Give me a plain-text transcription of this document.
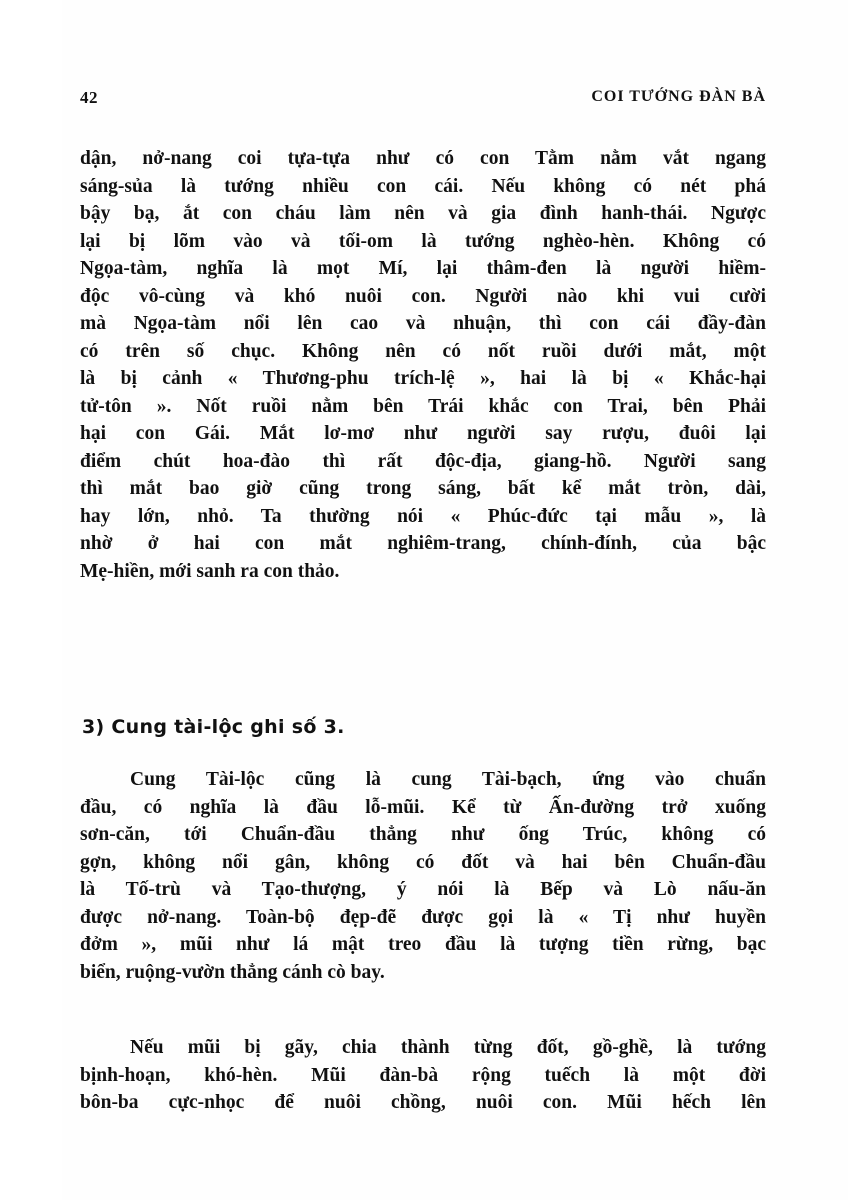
42	COI TƯỚNG ĐÀN BÀ
dận, nở-nang coi tựa-tựa như có con Tằm nằm vắt ngang
sáng-sủa là tướng nhiều con cái. Nếu không có nét phá
bậy bạ, ắt con cháu làm nên và gia đình hanh-thái. Ngược
lại bị lõm vào và tối-om là tướng nghèo-hèn. Không có
Ngọa-tàm, nghĩa là mọt Mí, lại thâm-đen là người hiềm-
độc vô-cùng và khó nuôi con. Người nào khi vui cười
mà Ngọa-tàm nổi lên cao và nhuận, thì con cái đầy-đàn
có trên số chục. Không nên có nốt ruồi dưới mắt, một
là bị cảnh « Thương-phu trích-lệ », hai là bị « Khắc-hại
tử-tôn ». Nốt ruồi nằm bên Trái khắc con Trai, bên Phải
hại con Gái. Mắt lơ-mơ như người say rượu, đuôi lại
điểm chút hoa-đào thì rất độc-địa, giang-hồ. Người sang
thì mắt bao giờ cũng trong sáng, bất kể mắt tròn, dài,
hay lớn, nhỏ. Ta thường nói « Phúc-đức tại mẫu », là
nhờ ở hai con mắt nghiêm-trang, chính-đính, của bậc
Mẹ-hiền, mới sanh ra con thảo.
3) Cung tài-lộc ghi số 3.
Cung Tài-lộc cũng là cung Tài-bạch, ứng vào chuẩn
đầu, có nghĩa là đầu lỗ-mũi. Kể từ Ấn-đường trở xuống
sơn-căn, tới Chuẩn-đầu thẳng như ống Trúc, không có
gợn, không nổi gân, không có đốt và hai bên Chuẩn-đầu
là Tố-trù và Tạo-thượng, ý nói là Bếp và Lò nấu-ăn
được nở-nang. Toàn-bộ đẹp-đẽ được gọi là « Tị như huyền
đởm », mũi như lá mật treo đầu là tượng tiền rừng, bạc
biển, ruộng-vườn thẳng cánh cò bay.
Nếu mũi bị gãy, chia thành từng đốt, gồ-ghề, là tướng
bịnh-hoạn, khó-hèn. Mũi đàn-bà rộng tuếch là một đời
bôn-ba cực-nhọc để nuôi chồng, nuôi con. Mũi hếch lên
